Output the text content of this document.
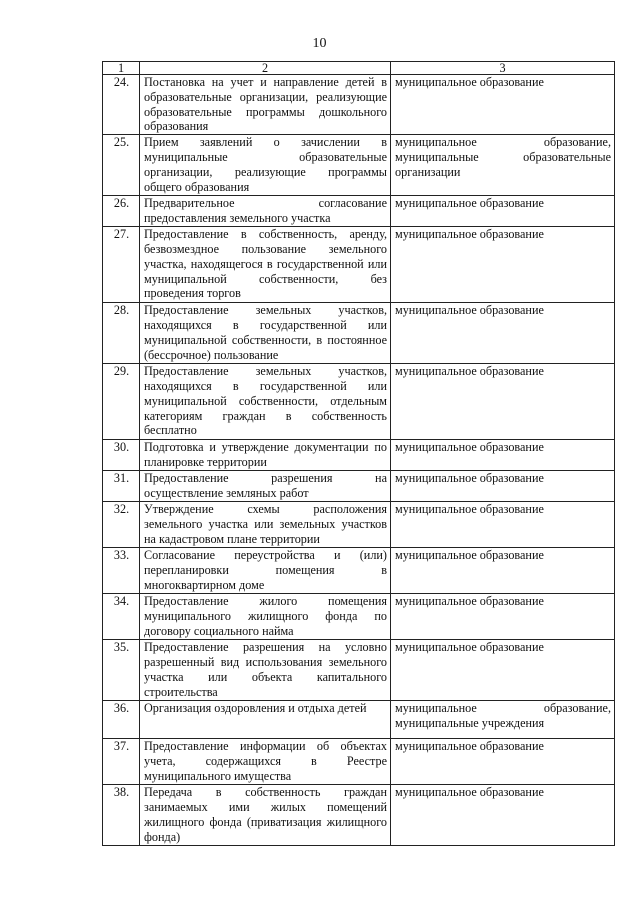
10
1	2	3
24.	Постановка на учет и направление детей в образовательные организации, реализующие образовательные программы дошкольного образования	муниципальное образование
25.	Прием заявлений о зачислении в муниципальные образовательные организации, реализующие программы общего образования	муниципальное образование, муниципальные образовательные организации
26.	Предварительное согласование предоставления земельного участка	муниципальное образование
27.	Предоставление в собственность, аренду, безвозмездное пользование земельного участка, находящегося в государственной или муниципальной собственности, без проведения торгов	муниципальное образование
28.	Предоставление земельных участков, находящихся в государственной или муниципальной собственности, в постоянное (бессрочное) пользование	муниципальное образование
29.	Предоставление земельных участков, находящихся в государственной или муниципальной собственности, отдельным категориям граждан в собственность бесплатно	муниципальное образование
30.	Подготовка и утверждение документации по планировке территории	муниципальное образование
31.	Предоставление разрешения на осуществление земляных работ	муниципальное образование
32.	Утверждение схемы расположения земельного участка или земельных участков на кадастровом плане территории	муниципальное образование
33.	Согласование переустройства и (или) перепланировки помещения в многоквартирном доме	муниципальное образование
34.	Предоставление жилого помещения муниципального жилищного фонда по договору социального найма	муниципальное образование
35.	Предоставление разрешения на условно разрешенный вид использования земельного участка или объекта капитального строительства	муниципальное образование
36.	Организация оздоровления и отдыха детей	муниципальное образование, муниципальные учреждения
37.	Предоставление информации об объектах учета, содержащихся в Реестре муниципального имущества	муниципальное образование
38.	Передача в собственность граждан занимаемых ими жилых помещений жилищного фонда (приватизация жилищного фонда)	муниципальное образование
